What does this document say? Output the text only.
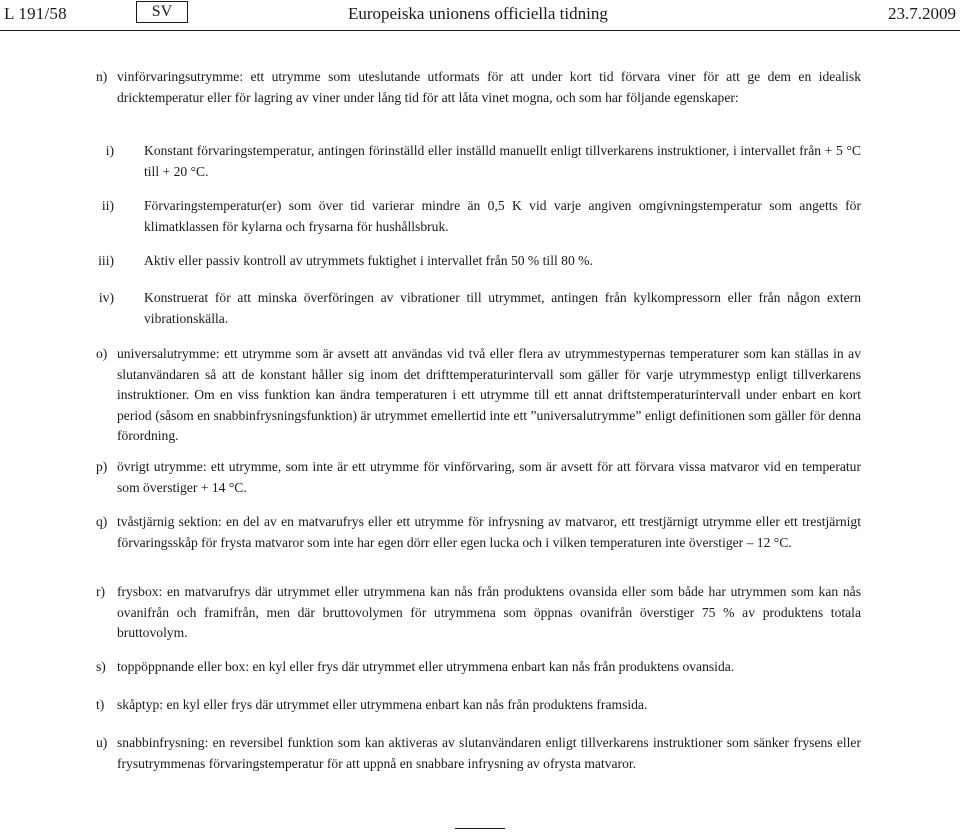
L 191/58	SV	Europeiska unionens officiella tidning	23.7.2009
n) vinförvaringsutrymme: ett utrymme som uteslutande utformats för att under kort tid förvara viner för att ge dem en idealisk dricktemperatur eller för lagring av viner under lång tid för att låta vinet mogna, och som har följande egenskaper:
i) Konstant förvaringstemperatur, antingen förinställd eller inställd manuellt enligt tillverkarens instruktioner, i intervallet från + 5 °C till + 20 °C.
ii) Förvaringstemperatur(er) som över tid varierar mindre än 0,5 K vid varje angiven omgivningstemperatur som angetts för klimatklassen för kylarna och frysarna för hushållsbruk.
iii) Aktiv eller passiv kontroll av utrymmets fuktighet i intervallet från 50 % till 80 %.
iv) Konstruerat för att minska överföringen av vibrationer till utrymmet, antingen från kylkompressorn eller från någon extern vibrationskälla.
o) universalutrymme: ett utrymme som är avsett att användas vid två eller flera av utrymmestypernas temperaturer som kan ställas in av slutanvändaren så att de konstant håller sig inom det drifttemperaturintervall som gäller för varje utrymmestyp enligt tillverkarens instruktioner. Om en viss funktion kan ändra temperaturen i ett utrymme till ett annat driftstemperaturintervall under enbart en kort period (såsom en snabbinfrysningsfunktion) är utrymmet emellertid inte ett ”universalutrymme” enligt definitionen som gäller för denna förordning.
p) övrigt utrymme: ett utrymme, som inte är ett utrymme för vinförvaring, som är avsett för att förvara vissa matvaror vid en temperatur som överstiger + 14 °C.
q) tvåstjärnig sektion: en del av en matvarufrys eller ett utrymme för infrysning av matvaror, ett trestjärnigt utrymme eller ett trestjärnigt förvaringsskåp för frysta matvaror som inte har egen dörr eller egen lucka och i vilken temperaturen inte överstiger – 12 °C.
r) frysbox: en matvarufrys där utrymmet eller utrymmena kan nås från produktens ovansida eller som både har utrymmen som kan nås ovanifrån och framifrån, men där bruttovolymen för utrymmena som öppnas ovanifrån överstiger 75 % av produktens totala bruttovolym.
s) toppöppnande eller box: en kyl eller frys där utrymmet eller utrymmena enbart kan nås från produktens ovansida.
t) skåptyp: en kyl eller frys där utrymmet eller utrymmena enbart kan nås från produktens framsida.
u) snabbinfrysning: en reversibel funktion som kan aktiveras av slutanvändaren enligt tillverkarens instruktioner som sänker frysens eller frysutrymmenas förvaringstemperatur för att uppnå en snabbare infrysning av ofrysta matvaror.
